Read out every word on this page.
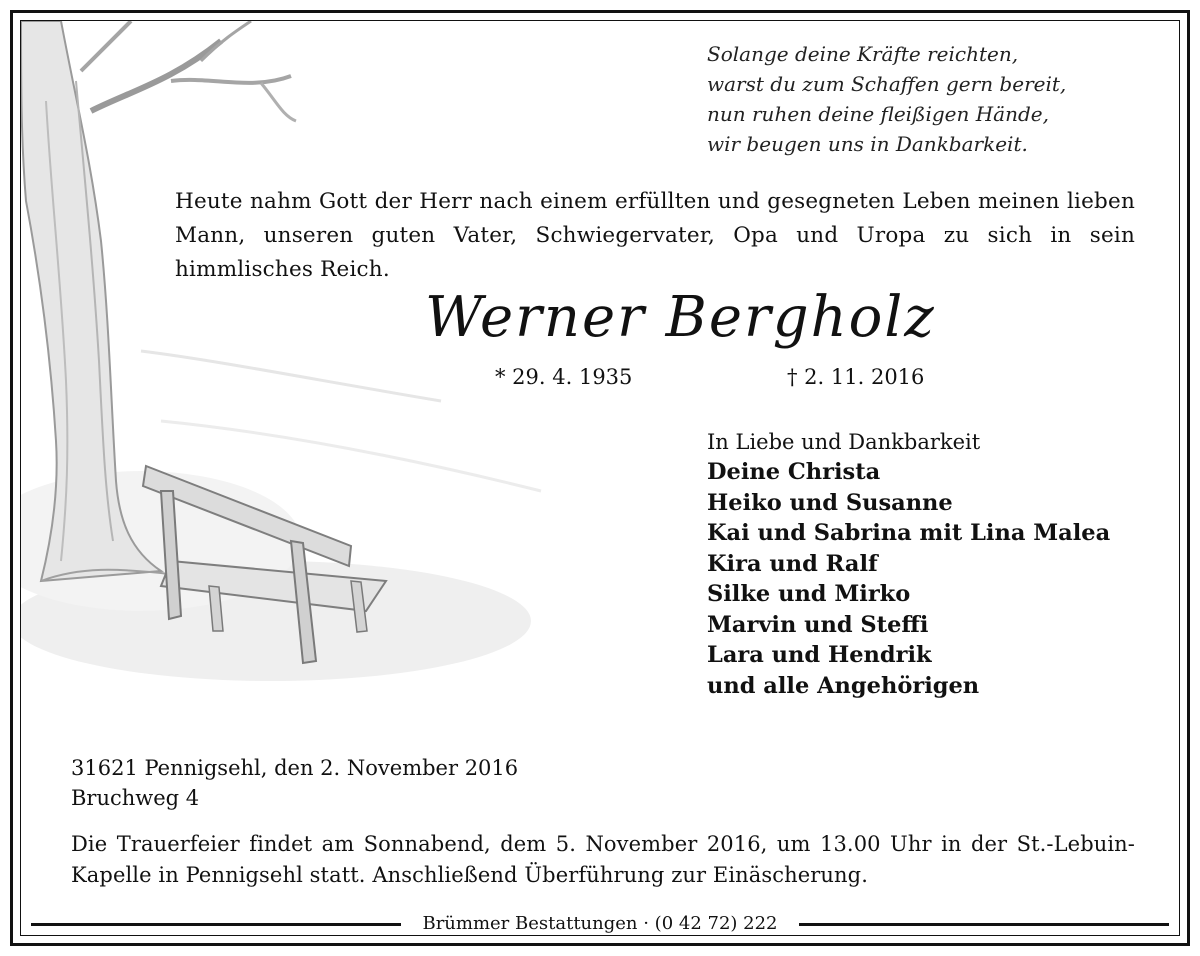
Solange deine Kräfte reichten,
warst du zum Schaffen gern bereit,
nun ruhen deine fleißigen Hände,
wir beugen uns in Dankbarkeit.
Heute nahm Gott der Herr nach einem erfüllten und gesegneten Leben meinen lieben Mann, unseren guten Vater, Schwiegervater, Opa und Uropa zu sich in sein himmlisches Reich.
Werner Bergholz
* 29. 4. 1935	† 2. 11. 2016
In Liebe und Dankbarkeit
Deine Christa
Heiko und Susanne
Kai und Sabrina mit Lina Malea
Kira und Ralf
Silke und Mirko
Marvin und Steffi
Lara und Hendrik
und alle Angehörigen
31621 Pennigsehl, den 2. November 2016
Bruchweg 4
Die Trauerfeier findet am Sonnabend, dem 5. November 2016, um 13.00 Uhr in der St.-Lebuin-Kapelle in Pennigsehl statt. Anschließend Überführung zur Einäscherung.
Brümmer Bestattungen · (0 42 72) 222
